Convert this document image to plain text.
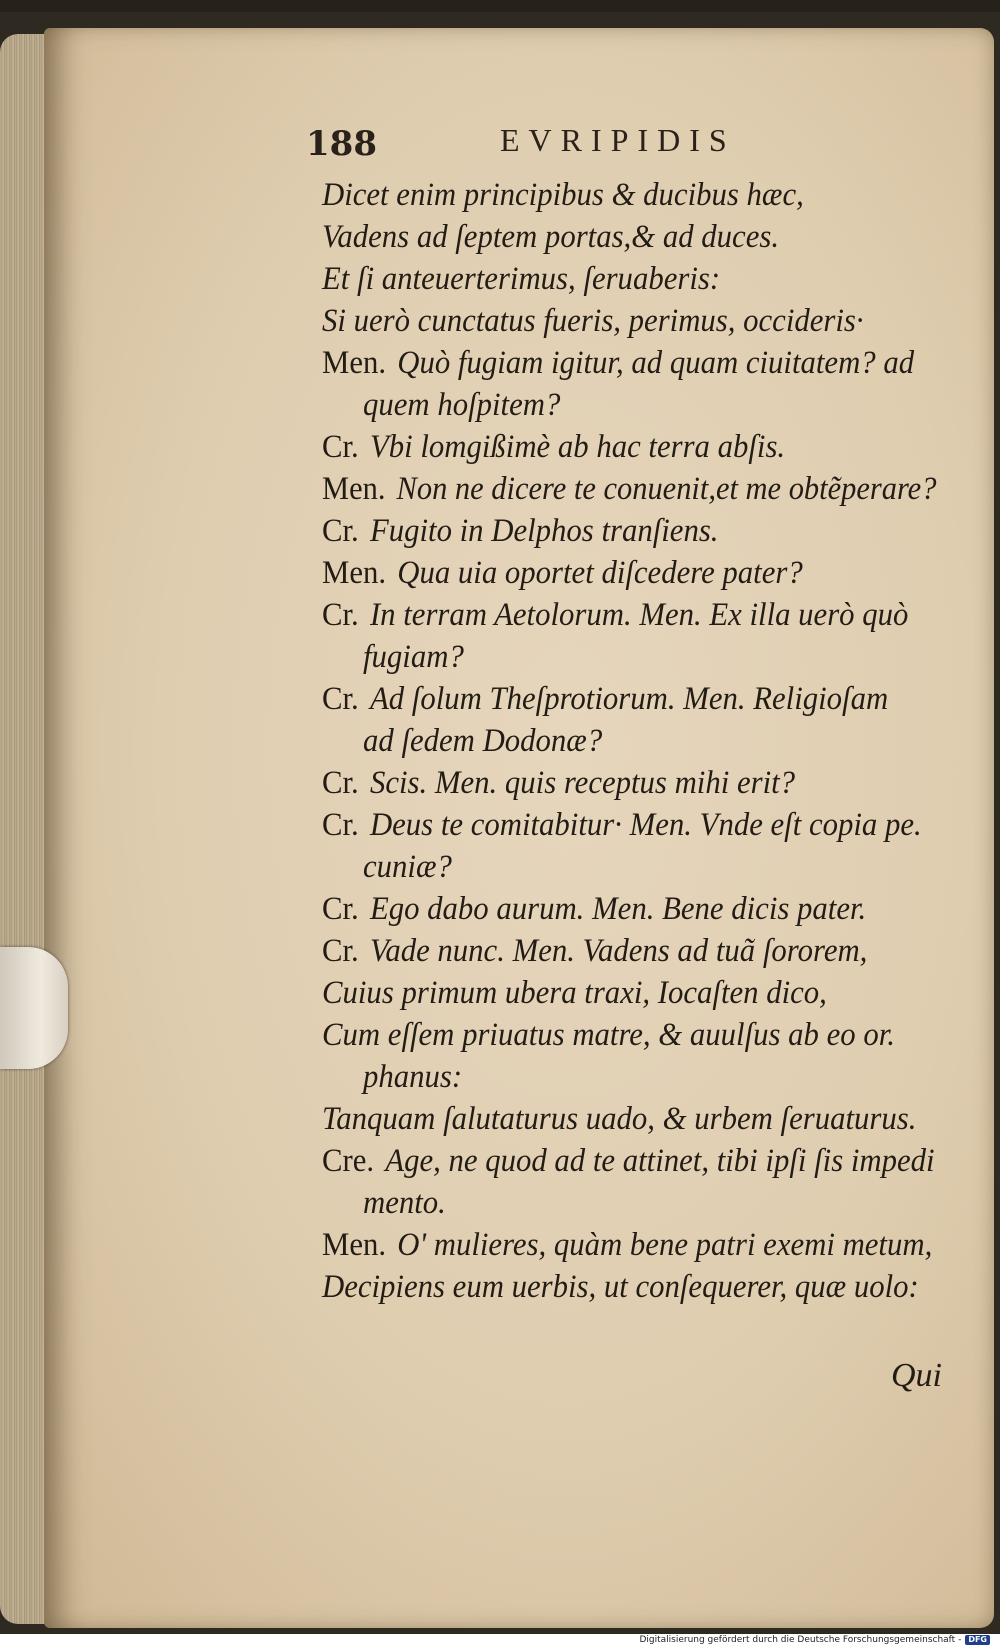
188	EVRIPIDIS
Dicet enim principibus & ducibus hæc,
Vadens ad ſeptem portas,& ad duces.
Et ſi anteuerterimus, ſeruaberis:
Si uerò cunctatus fueris, perimus, occideris·
Men. Quò fugiam igitur, ad quam ciuitatem? ad
quem hoſpitem?
Cr. Vbi lomgißimè ab hac terra abſis.
Men. Non ne dicere te conuenit,et me obtẽperare?
Cr. Fugito in Delphos tranſiens.
Men. Qua uia oportet diſcedere pater?
Cr. In terram Aetolorum. Men. Ex illa uerò quò
fugiam?
Cr. Ad ſolum Theſprotiorum. Men. Religioſam
ad ſedem Dodonæ?
Cr. Scis. Men. quis receptus mihi erit?
Cr. Deus te comitabitur· Men. Vnde eſt copia pe.
cuniæ?
Cr. Ego dabo aurum. Men. Bene dicis pater.
Cr. Vade nunc. Men. Vadens ad tuã ſororem,
Cuius primum ubera traxi, Iocaſten dico,
Cum eſſem priuatus matre, & auulſus ab eo or.
phanus:
Tanquam ſalutaturus uado, & urbem ſeruaturus.
Cre. Age, ne quod ad te attinet, tibi ipſi ſis impedi
mento.
Men. O' mulieres, quàm bene patri exemi metum,
Decipiens eum uerbis, ut conſequerer, quæ uolo:
Qui
Digitalisierung gefördert durch die Deutsche Forschungsgemeinschaft - DFG
